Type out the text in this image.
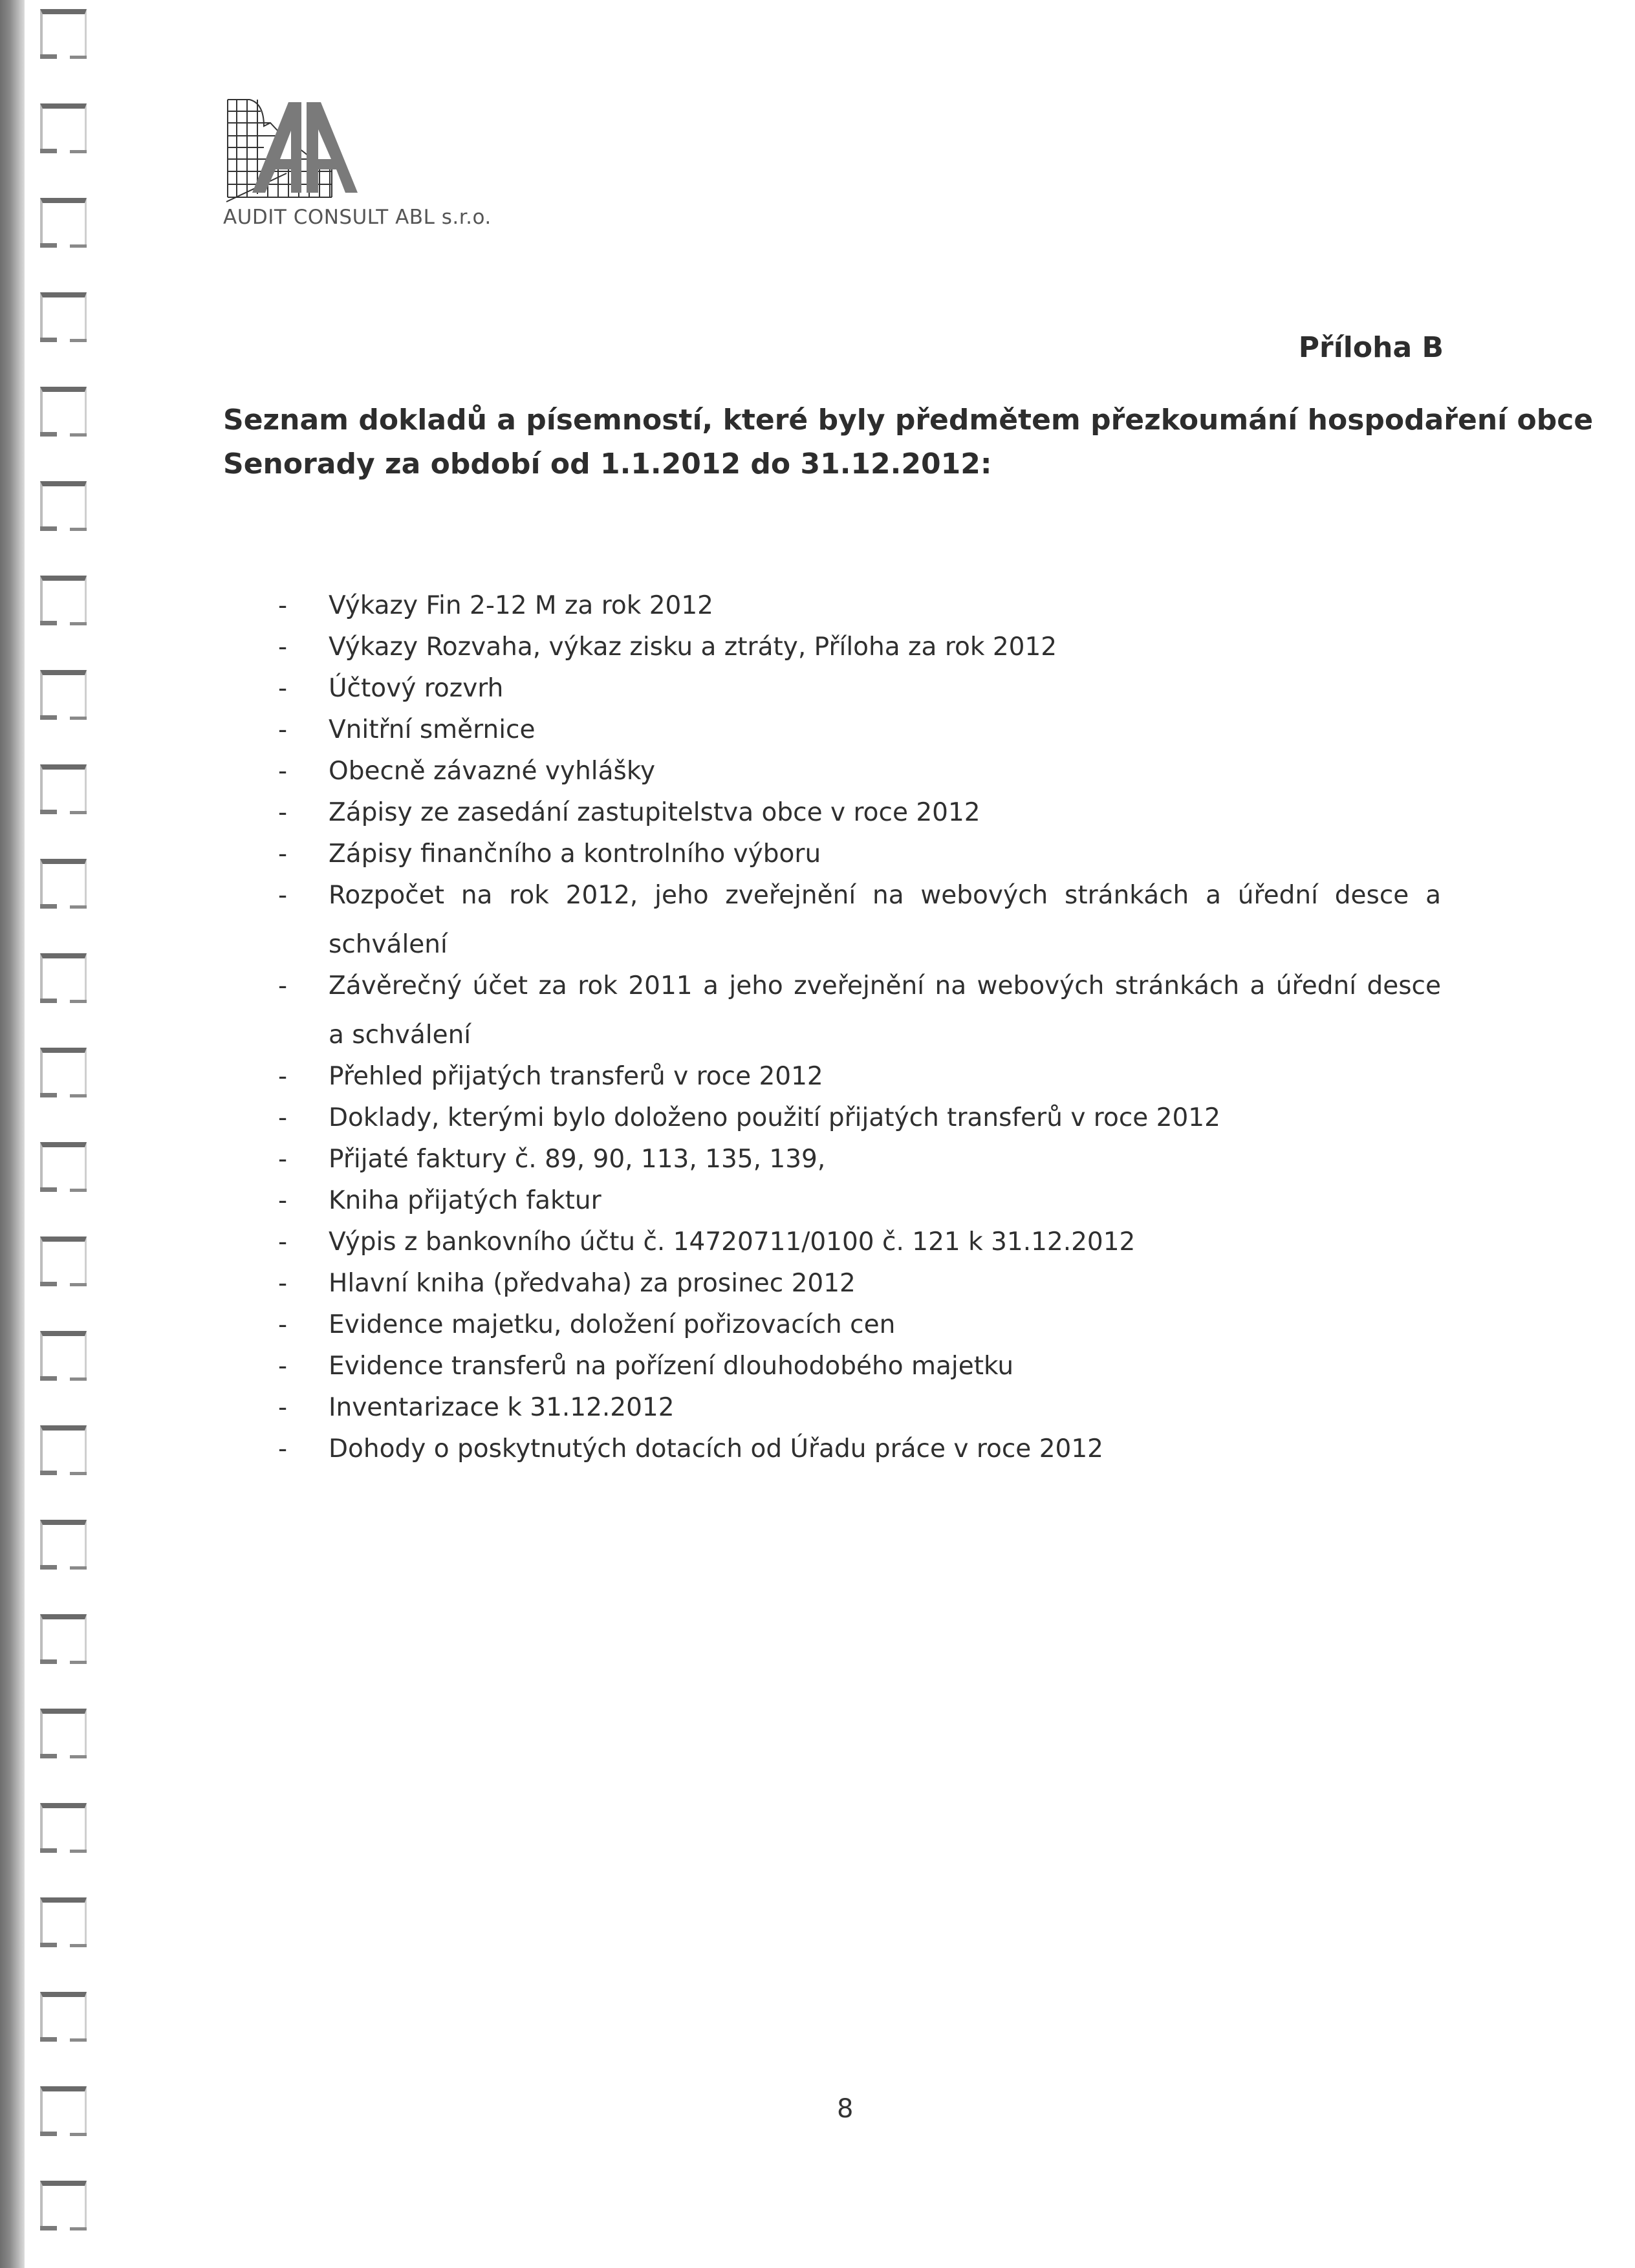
AUDIT CONSULT ABL s.r.o.
Příloha B
Seznam dokladů a písemností, které byly předmětem přezkoumání hospodaření obce
Senorady za období od 1.1.2012 do 31.12.2012:
- Výkazy Fin 2-12 M za rok 2012
- Výkazy Rozvaha, výkaz zisku a ztráty, Příloha za rok 2012
- Účtový rozvrh
- Vnitřní směrnice
- Obecně závazné vyhlášky
- Zápisy ze zasedání zastupitelstva obce v roce 2012
- Zápisy finančního a kontrolního výboru
- Rozpočet na rok 2012, jeho zveřejnění na webových stránkách a úřední desce a
schválení
- Závěrečný účet za rok 2011 a jeho zveřejnění na webových stránkách a úřední desce
a schválení
- Přehled přijatých transferů v roce 2012
- Doklady, kterými bylo doloženo použití přijatých transferů v roce 2012
- Přijaté faktury č. 89, 90, 113, 135, 139,
- Kniha přijatých faktur
- Výpis z bankovního účtu č. 14720711/0100 č. 121 k 31.12.2012
- Hlavní kniha (předvaha) za prosinec 2012
- Evidence majetku, doložení pořizovacích cen
- Evidence transferů na pořízení dlouhodobého majetku
- Inventarizace k 31.12.2012
- Dohody o poskytnutých dotacích od Úřadu práce v roce 2012
8
